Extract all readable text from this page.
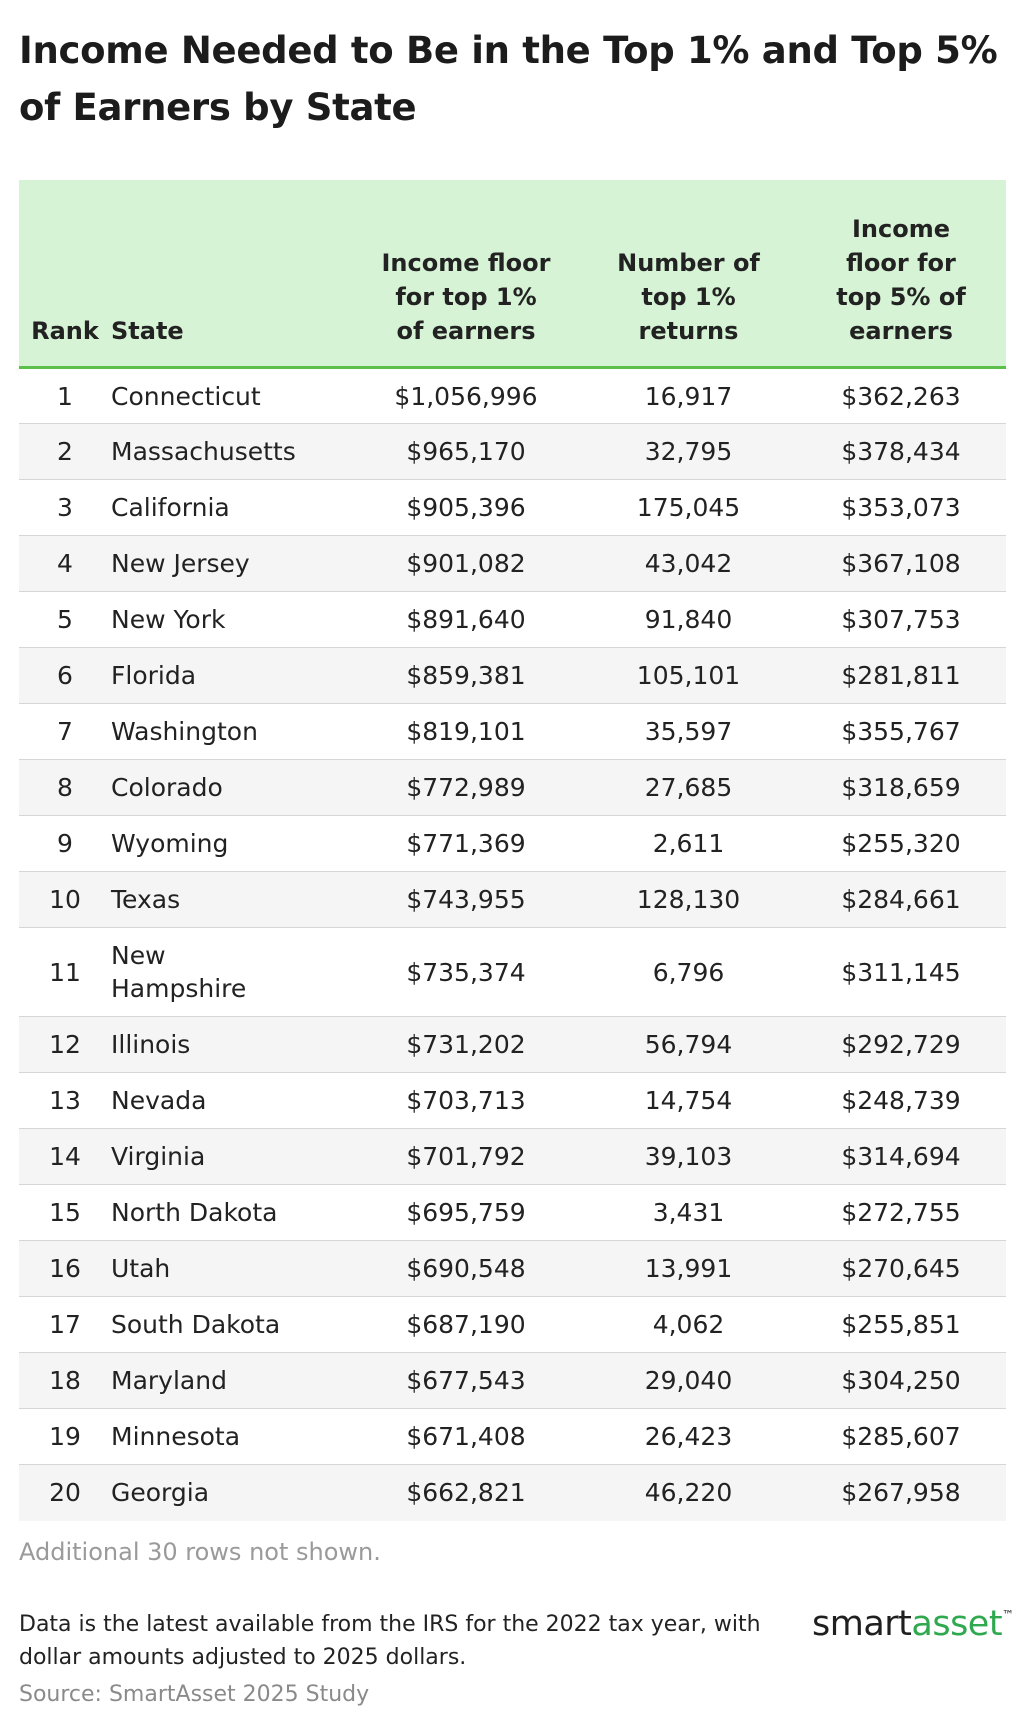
Income Needed to Be in the Top 1% and Top 5% of Earners by State
Rank	State	Income floor for top 1% of earners	Number of top 1% returns	Income floor for top 5% of earners

1	Connecticut	$1,056,996	16,917	$362,263
2	Massachusetts	$965,170	32,795	$378,434
3	California	$905,396	175,045	$353,073
4	New Jersey	$901,082	43,042	$367,108
5	New York	$891,640	91,840	$307,753
6	Florida	$859,381	105,101	$281,811
7	Washington	$819,101	35,597	$355,767
8	Colorado	$772,989	27,685	$318,659
9	Wyoming	$771,369	2,611	$255,320
10	Texas	$743,955	128,130	$284,661
11	New Hampshire	$735,374	6,796	$311,145
12	Illinois	$731,202	56,794	$292,729
13	Nevada	$703,713	14,754	$248,739
14	Virginia	$701,792	39,103	$314,694
15	North Dakota	$695,759	3,431	$272,755
16	Utah	$690,548	13,991	$270,645
17	South Dakota	$687,190	4,062	$255,851
18	Maryland	$677,543	29,040	$304,250
19	Minnesota	$671,408	26,423	$285,607
20	Georgia	$662,821	46,220	$267,958
Additional 30 rows not shown.
Data is the latest available from the IRS for the 2022 tax year, with dollar amounts adjusted to 2025 dollars.
Source: SmartAsset 2025 Study
smartasset™
